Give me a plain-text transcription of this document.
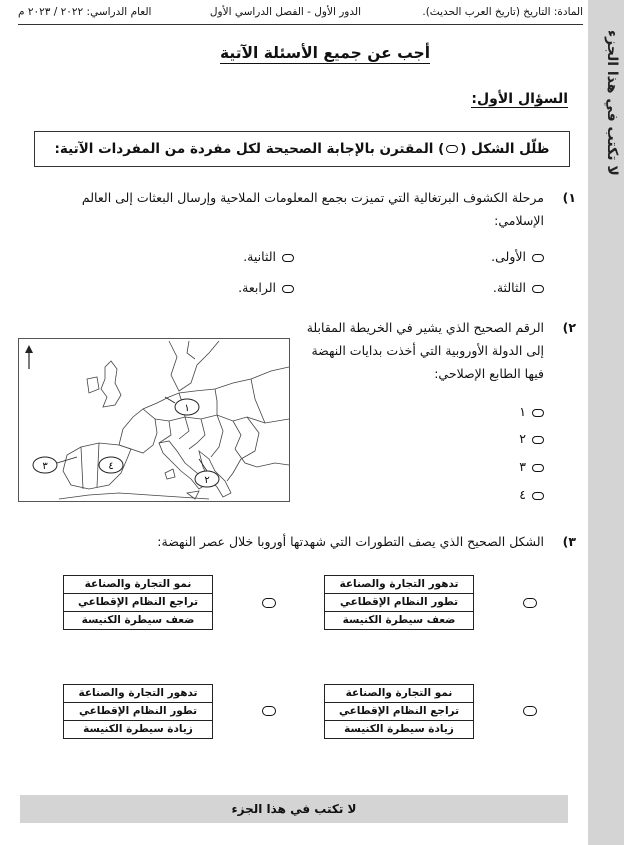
لا تكتب في هذا الجزء
المادة: التاريخ (تاريخ العرب الحديث).
الدور الأول - الفصل الدراسي الأول
العام الدراسي: ٢٠٢٢ / ٢٠٢٣ م
أجب عن جميع الأسئلة الآتية
السؤال الأول:
ظلّل الشكل () المقترن بالإجابة الصحيحة لكل مفردة من المفردات الآتية:
١)
مرحلة الكشوف البرتغالية التي تميزت بجمع المعلومات الملاحية وإرسال البعثات إلى العالم
الإسلامي:
الأولى.
الثانية.
الثالثة.
الرابعة.
٢)
الرقم الصحيح الذي يشير في الخريطة المقابلة
إلى الدولة الأوروبية التي أخذت بدايات النهضة
فيها الطابع الإصلاحي:
١
٢
٣
٤
١
٢
٣	٤
٣)
الشكل الصحيح الذي يصف التطورات التي شهدتها أوروبا خلال عصر النهضة:
تدهور التجارة والصناعة
تطور النظام الإقطاعي
ضعف سيطرة الكنيسة
نمو التجارة والصناعة
تراجع النظام الإقطاعي
ضعف سيطرة الكنيسة
نمو التجارة والصناعة
تراجع النظام الإقطاعي
زيادة سيطرة الكنيسة
تدهور التجارة والصناعة
تطور النظام الإقطاعي
زيادة سيطرة الكنيسة
لا تكتب في هذا الجزء
